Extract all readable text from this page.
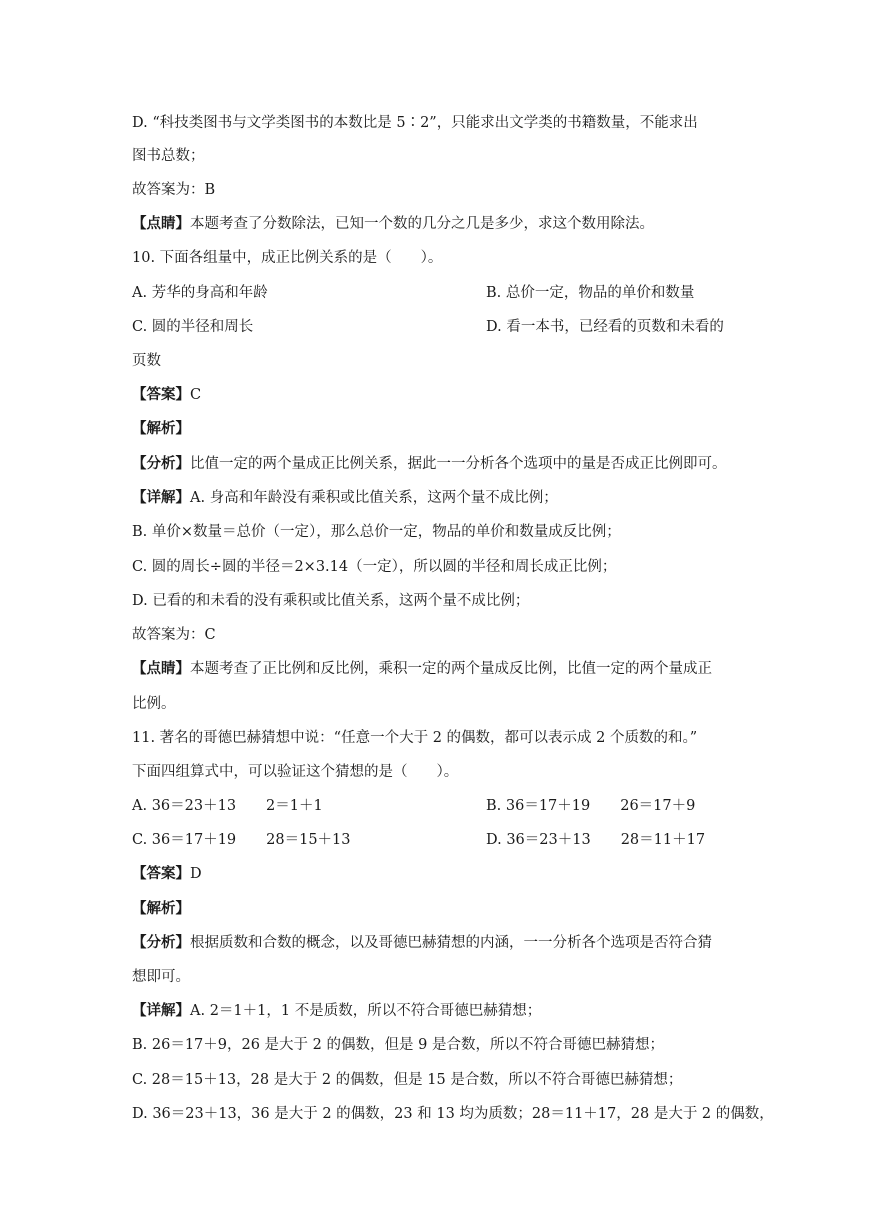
D. “科技类图书与文学类图书的本数比是 5∶2”，只能求出文学类的书籍数量，不能求出
图书总数；
故答案为：B
【点睛】本题考查了分数除法，已知一个数的几分之几是多少，求这个数用除法。
10. 下面各组量中，成正比例关系的是（　　）。
A. 芳华的身高和年龄	B. 总价一定，物品的单价和数量
C. 圆的半径和周长	D. 看一本书，已经看的页数和未看的
页数
【答案】C
【解析】
【分析】比值一定的两个量成正比例关系，据此一一分析各个选项中的量是否成正比例即可。
【详解】A. 身高和年龄没有乘积或比值关系，这两个量不成比例；
B. 单价×数量＝总价（一定），那么总价一定，物品的单价和数量成反比例；
C. 圆的周长÷圆的半径＝2×3.14（一定），所以圆的半径和周长成正比例；
D. 已看的和未看的没有乘积或比值关系，这两个量不成比例；
故答案为：C
【点睛】本题考查了正比例和反比例，乘积一定的两个量成反比例，比值一定的两个量成正
比例。
11. 著名的哥德巴赫猜想中说：“任意一个大于 2 的偶数，都可以表示成 2 个质数的和。”
下面四组算式中，可以验证这个猜想的是（　　）。
A. 36＝23＋13 2＝1＋1	B. 36＝17＋19 26＝17＋9
C. 36＝17＋19 28＝15＋13	D. 36＝23＋13 28＝11＋17
【答案】D
【解析】
【分析】根据质数和合数的概念，以及哥德巴赫猜想的内涵，一一分析各个选项是否符合猜
想即可。
【详解】A. 2＝1＋1，1 不是质数，所以不符合哥德巴赫猜想；
B. 26＝17＋9，26 是大于 2 的偶数，但是 9 是合数，所以不符合哥德巴赫猜想；
C. 28＝15＋13，28 是大于 2 的偶数，但是 15 是合数，所以不符合哥德巴赫猜想；
D. 36＝23＋13，36 是大于 2 的偶数，23 和 13 均为质数；28＝11＋17，28 是大于 2 的偶数，
